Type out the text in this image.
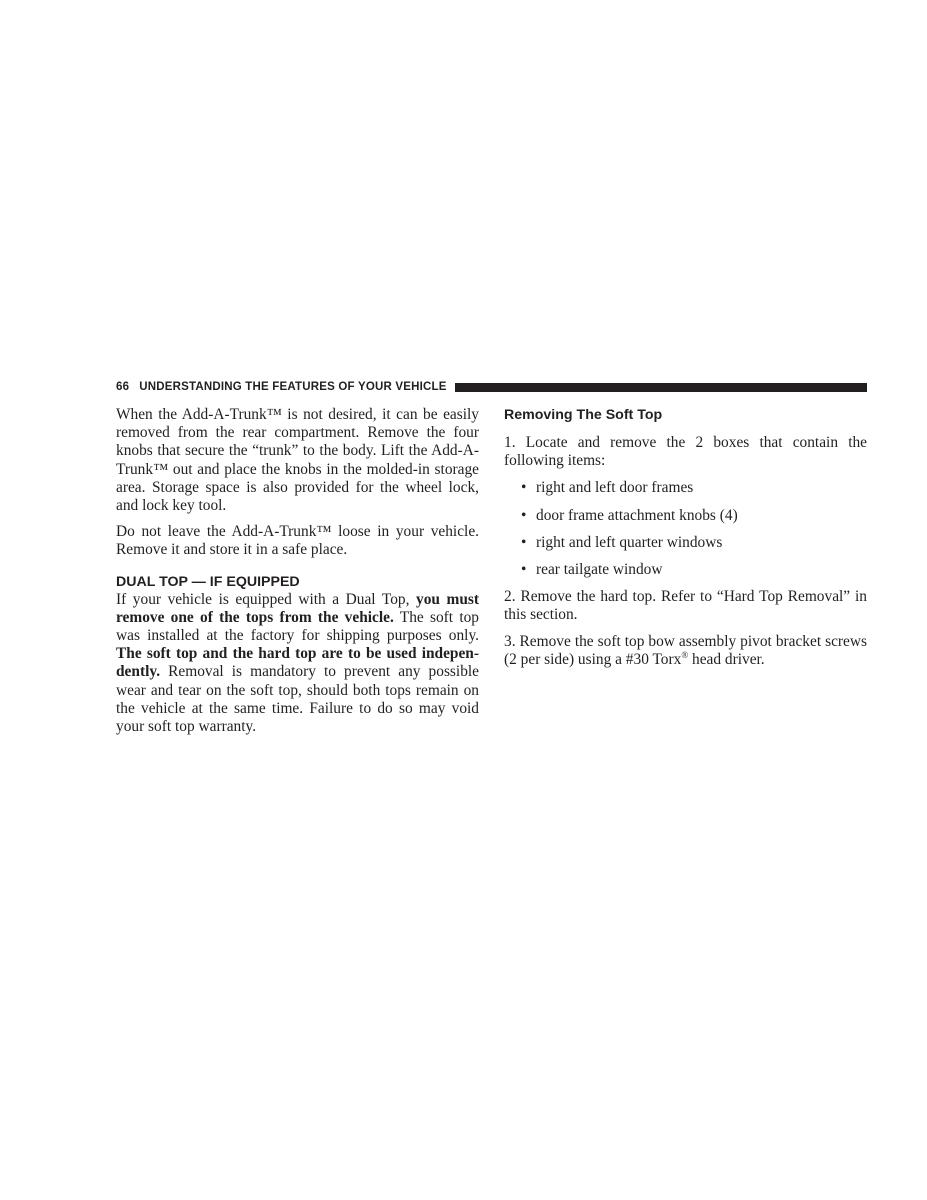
66 UNDERSTANDING THE FEATURES OF YOUR VEHICLE

When the Add-A-Trunk™ is not desired, it can be easily removed from the rear compartment. Remove the four knobs that secure the “trunk” to the body. Lift the Add-A-Trunk™ out and place the knobs in the molded-in storage area. Storage space is also provided for the wheel lock, and lock key tool.

Do not leave the Add-A-Trunk™ loose in your vehicle. Remove it and store it in a safe place.

DUAL TOP — IF EQUIPPED

If your vehicle is equipped with a Dual Top, you must remove one of the tops from the vehicle. The soft top was installed at the factory for shipping purposes only. The soft top and the hard top are to be used indepen-dently. Removal is mandatory to prevent any possible wear and tear on the soft top, should both tops remain on the vehicle at the same time. Failure to do so may void your soft top warranty.

Removing The Soft Top

1. Locate and remove the 2 boxes that contain the following items:

• right and left door frames
• door frame attachment knobs (4)
• right and left quarter windows
• rear tailgate window

2. Remove the hard top. Refer to “Hard Top Removal” in this section.

3. Remove the soft top bow assembly pivot bracket screws (2 per side) using a #30 Torx® head driver.
